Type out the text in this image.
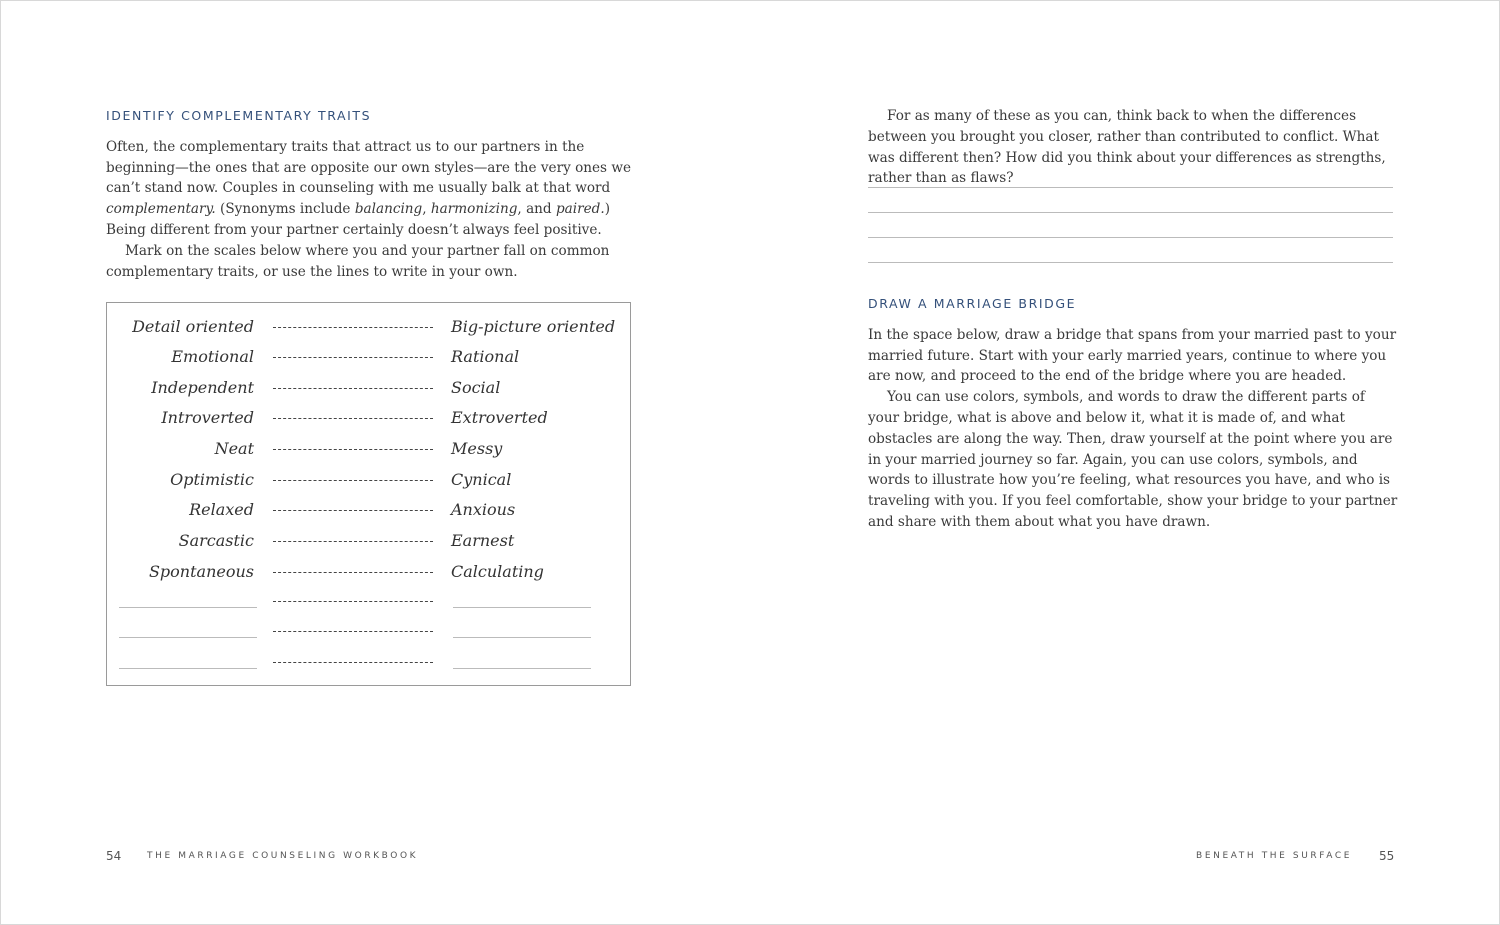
IDENTIFY COMPLEMENTARY TRAITS

Often, the complementary traits that attract us to our partners in the beginning—the ones that are opposite our own styles—are the very ones we can’t stand now. Couples in counseling with me usually balk at that word complementary. (Synonyms include balancing, harmonizing, and paired.) Being different from your partner certainly doesn’t always feel positive.

Mark on the scales below where you and your partner fall on common complementary traits, or use the lines to write in your own.

Detail oriented	Big-picture oriented
Emotional	Rational
Independent	Social
Introverted	Extroverted
Neat	Messy
Optimistic	Cynical
Relaxed	Anxious
Sarcastic	Earnest
Spontaneous	Calculating

For as many of these as you can, think back to when the differences between you brought you closer, rather than contributed to conflict. What was different then? How did you think about your differences as strengths, rather than as flaws?

DRAW A MARRIAGE BRIDGE

In the space below, draw a bridge that spans from your married past to your married future. Start with your early married years, continue to where you are now, and proceed to the end of the bridge where you are headed.

You can use colors, symbols, and words to draw the different parts of your bridge, what is above and below it, what it is made of, and what obstacles are along the way. Then, draw yourself at the point where you are in your married journey so far. Again, you can use colors, symbols, and words to illustrate how you’re feeling, what resources you have, and who is traveling with you. If you feel comfortable, show your bridge to your partner and share with them about what you have drawn.

54	THE MARRIAGE COUNSELING WORKBOOK	BENEATH THE SURFACE 55
